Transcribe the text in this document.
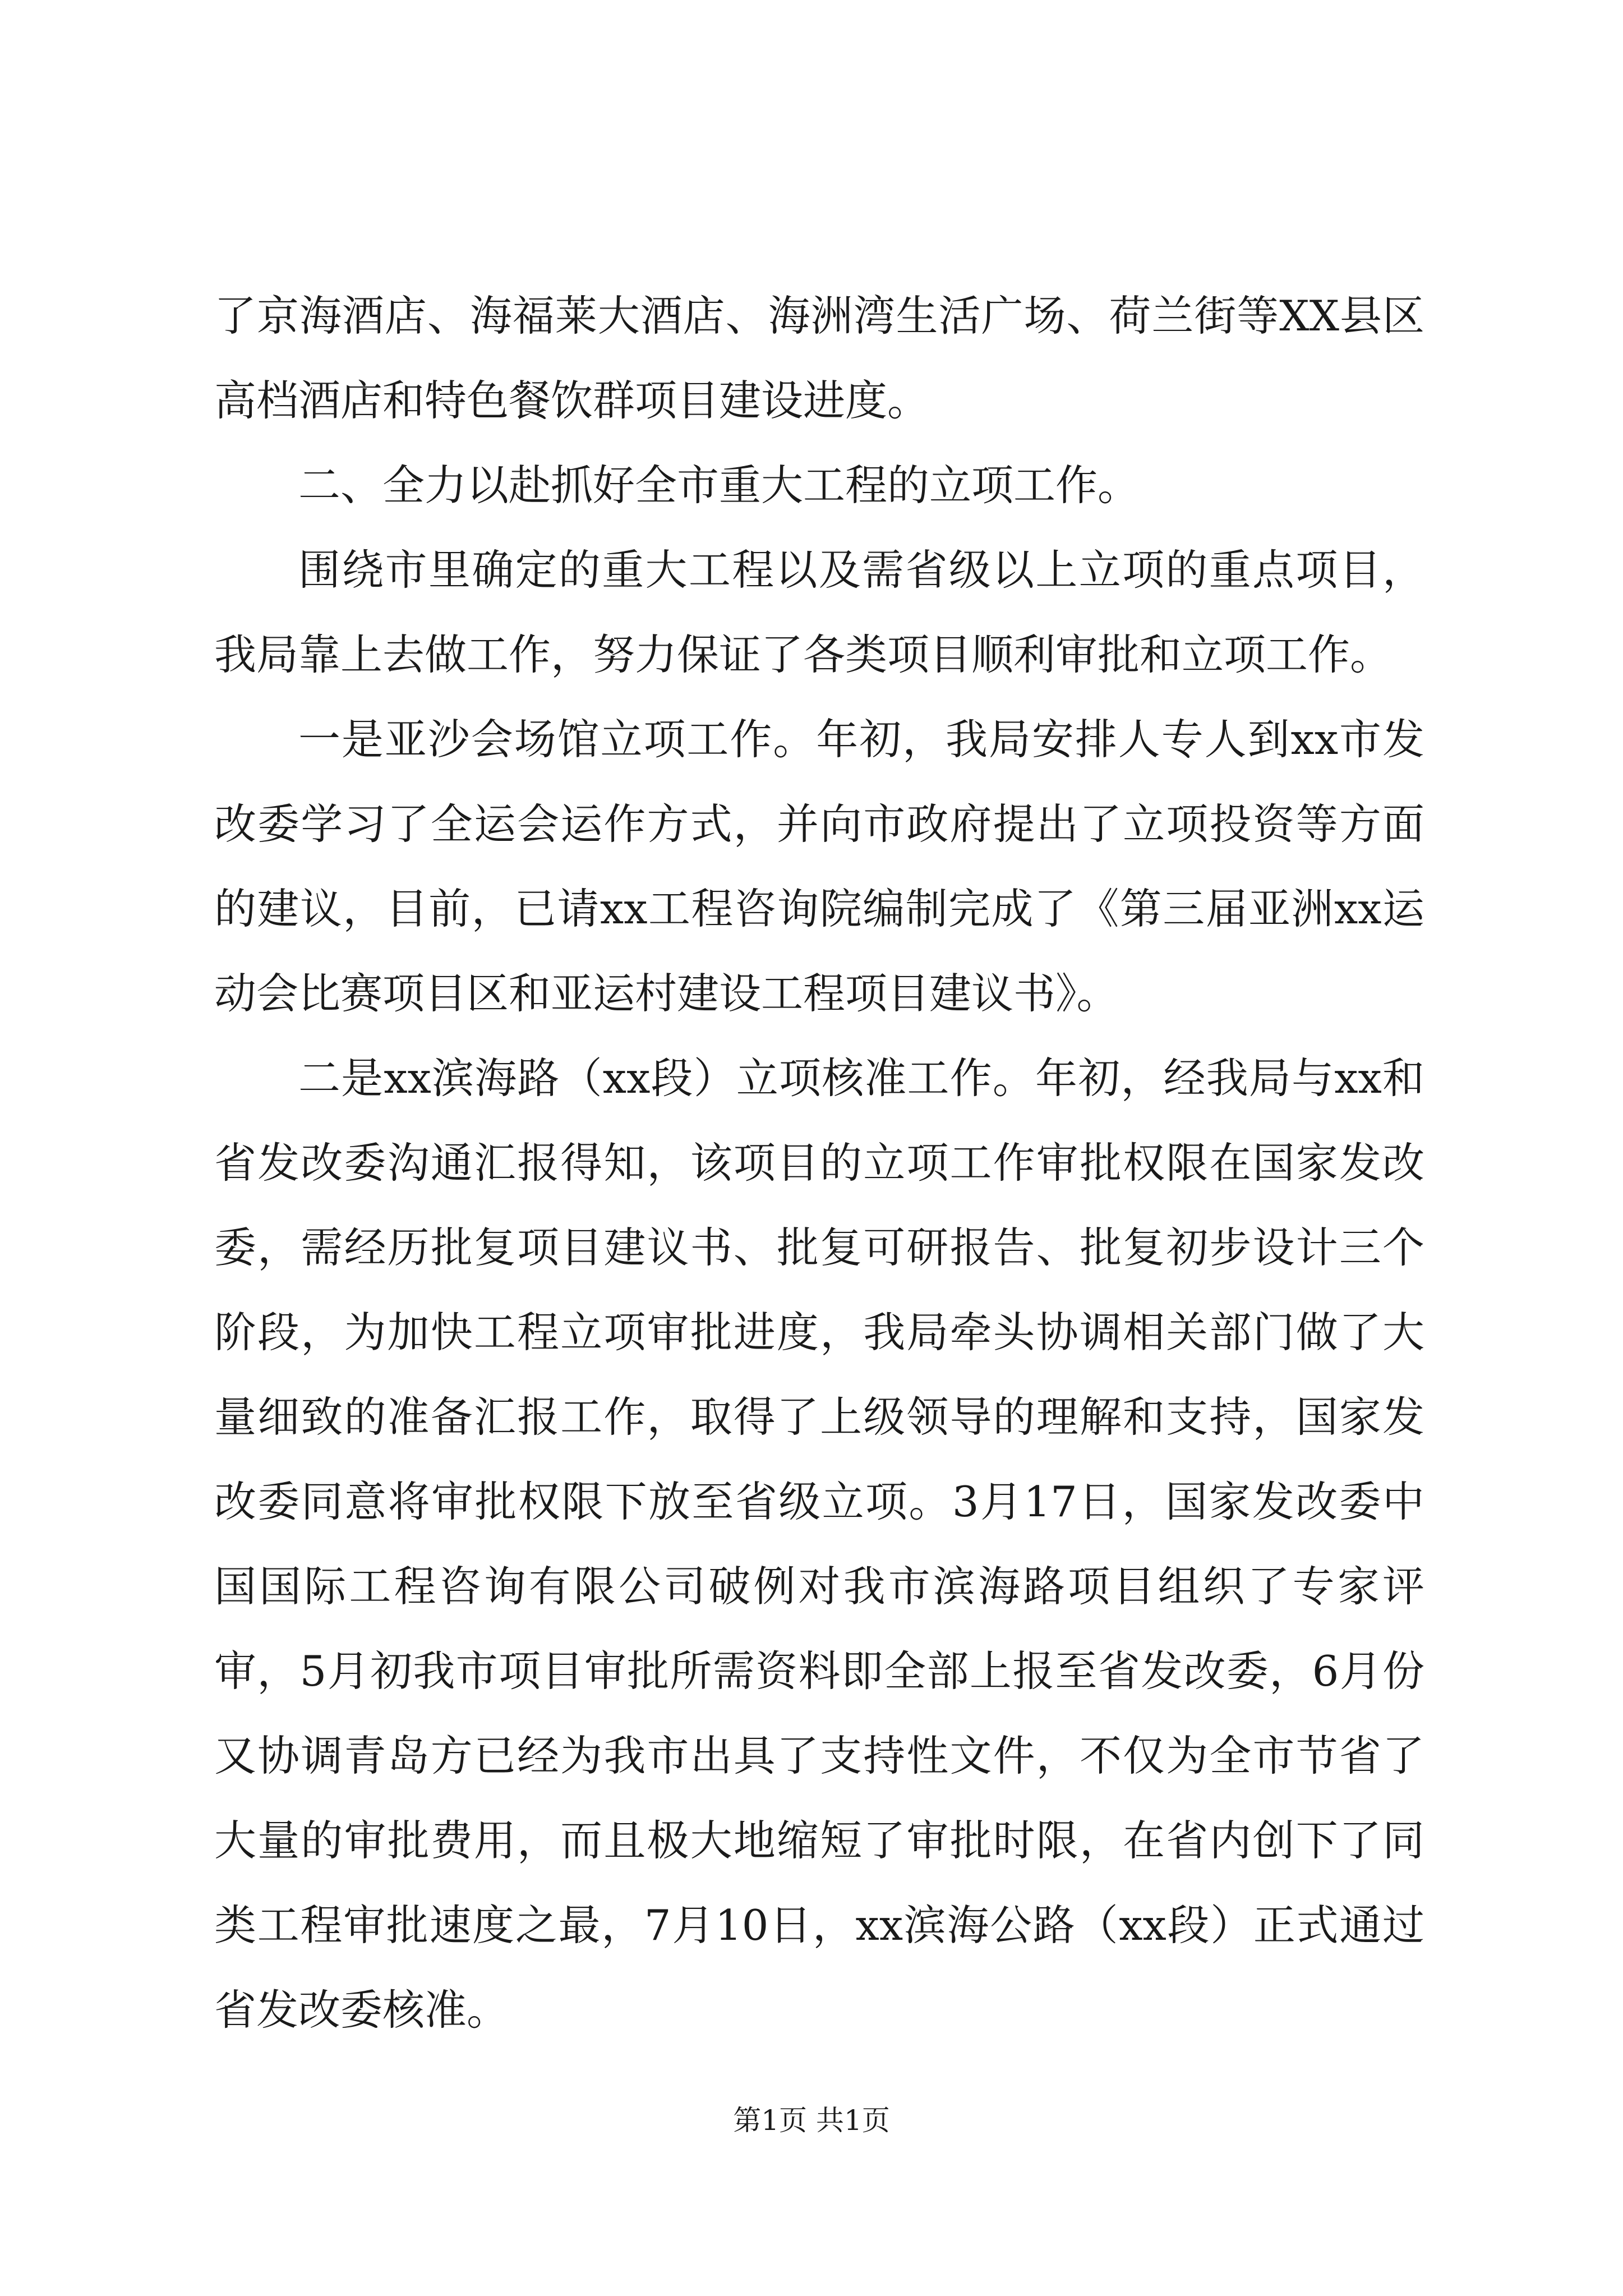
了京海酒店、海福莱大酒店、海洲湾生活广场、荷兰街等XX县区高档酒店和特色餐饮群项目建设进度。

二、全力以赴抓好全市重大工程的立项工作。

围绕市里确定的重大工程以及需省级以上立项的重点项目，我局靠上去做工作，努力保证了各类项目顺利审批和立项工作。

一是亚沙会场馆立项工作。年初，我局安排人专人到xx市发改委学习了全运会运作方式，并向市政府提出了立项投资等方面的建议，目前，已请xx工程咨询院编制完成了《第三届亚洲xx运动会比赛项目区和亚运村建设工程项目建议书》。

二是xx滨海路（xx段）立项核准工作。年初，经我局与xx和省发改委沟通汇报得知，该项目的立项工作审批权限在国家发改委，需经历批复项目建议书、批复可研报告、批复初步设计三个阶段，为加快工程立项审批进度，我局牵头协调相关部门做了大量细致的准备汇报工作，取得了上级领导的理解和支持，国家发改委同意将审批权限下放至省级立项。3月17日，国家发改委中国国际工程咨询有限公司破例对我市滨海路项目组织了专家评审，5月初我市项目审批所需资料即全部上报至省发改委，6月份又协调青岛方已经为我市出具了支持性文件，不仅为全市节省了大量的审批费用，而且极大地缩短了审批时限，在省内创下了同类工程审批速度之最，7月10日，xx滨海公路（xx段）正式通过省发改委核准。

第1页 共1页
